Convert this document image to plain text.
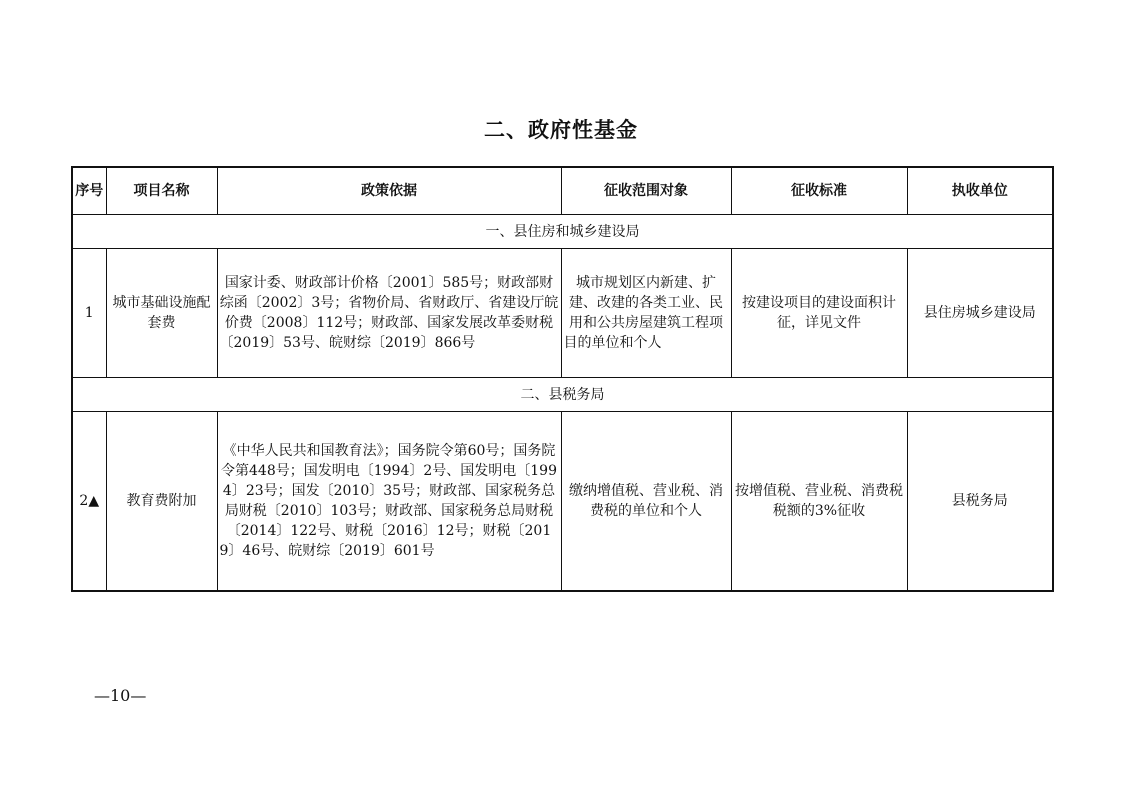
二、政府性基金
序号	项目名称	政策依据	征收范围对象	征收标准	执收单位
一、县住房和城乡建设局					
1	城市基础设施配套费	国家计委、财政部计价格〔2001〕585号；财政部财综函〔2002〕3号；省物价局、省财政厅、省建设厅皖价费〔2008〕112号；财政部、国家发展改革委财税〔2019〕53号、皖财综〔2019〕866号	城市规划区内新建、扩建、改建的各类工业、民用和公共房屋建筑工程项目的单位和个人	按建设项目的建设面积计征，详见文件	县住房城乡建设局
二、县税务局					
2▲	教育费附加	《中华人民共和国教育法》；国务院令第60号；国务院令第448号；国发明电〔1994〕2号、国发明电〔1994〕23号；国发〔2010〕35号；财政部、国家税务总局财税〔2010〕103号；财政部、国家税务总局财税〔2014〕122号、财税〔2016〕12号；财税〔2019〕46号、皖财综〔2019〕601号	缴纳增值税、营业税、消费税的单位和个人	按增值税、营业税、消费税税额的3%征收	县税务局
—10—
